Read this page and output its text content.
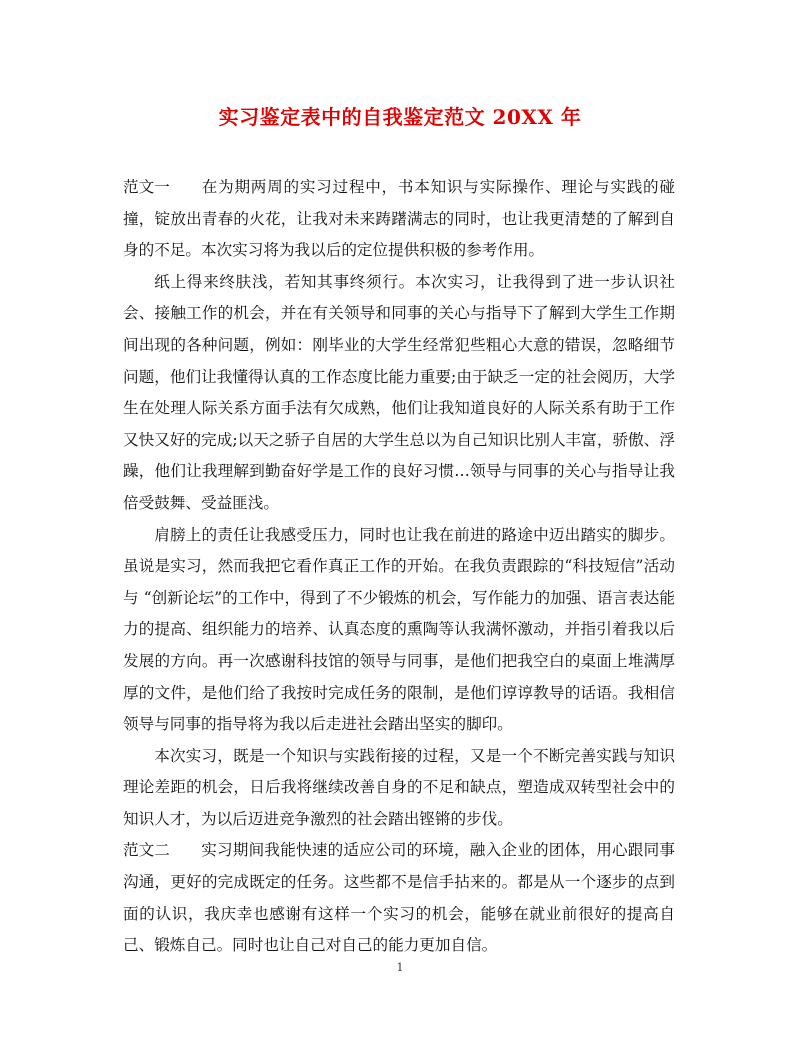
实习鉴定表中的自我鉴定范文 20XX 年

范文一 在为期两周的实习过程中，书本知识与实际操作、理论与实践的碰撞，锭放出青春的火花，让我对未来踌躇满志的同时，也让我更清楚的了解到自身的不足。本次实习将为我以后的定位提供积极的参考作用。

纸上得来终肤浅，若知其事终须行。本次实习，让我得到了进一步认识社会、接触工作的机会，并在有关领导和同事的关心与指导下了解到大学生工作期间出现的各种问题，例如：刚毕业的大学生经常犯些粗心大意的错误，忽略细节问题，他们让我懂得认真的工作态度比能力重要;由于缺乏一定的社会阅历，大学生在处理人际关系方面手法有欠成熟，他们让我知道良好的人际关系有助于工作又快又好的完成;以天之骄子自居的大学生总以为自己知识比别人丰富，骄傲、浮躁，他们让我理解到勤奋好学是工作的良好习惯…领导与同事的关心与指导让我倍受鼓舞、受益匪浅。

肩膀上的责任让我感受压力，同时也让我在前进的路途中迈出踏实的脚步。虽说是实习，然而我把它看作真正工作的开始。在我负责跟踪的“科技短信”活动与 “创新论坛”的工作中，得到了不少锻炼的机会，写作能力的加强、语言表达能力的提高、组织能力的培养、认真态度的熏陶等认我满怀激动，并指引着我以后发展的方向。再一次感谢科技馆的领导与同事，是他们把我空白的桌面上堆满厚厚的文件，是他们给了我按时完成任务的限制，是他们谆谆教导的话语。我相信领导与同事的指导将为我以后走进社会踏出坚实的脚印。

本次实习，既是一个知识与实践衔接的过程，又是一个不断完善实践与知识理论差距的机会，日后我将继续改善自身的不足和缺点，塑造成双转型社会中的知识人才，为以后迈进竞争激烈的社会踏出铿锵的步伐。

范文二 实习期间我能快速的适应公司的环境，融入企业的团体，用心跟同事沟通，更好的完成既定的任务。这些都不是信手拈来的。都是从一个逐步的点到面的认识，我庆幸也感谢有这样一个实习的机会，能够在就业前很好的提高自己、锻炼自己。同时也让自己对自己的能力更加自信。

1
